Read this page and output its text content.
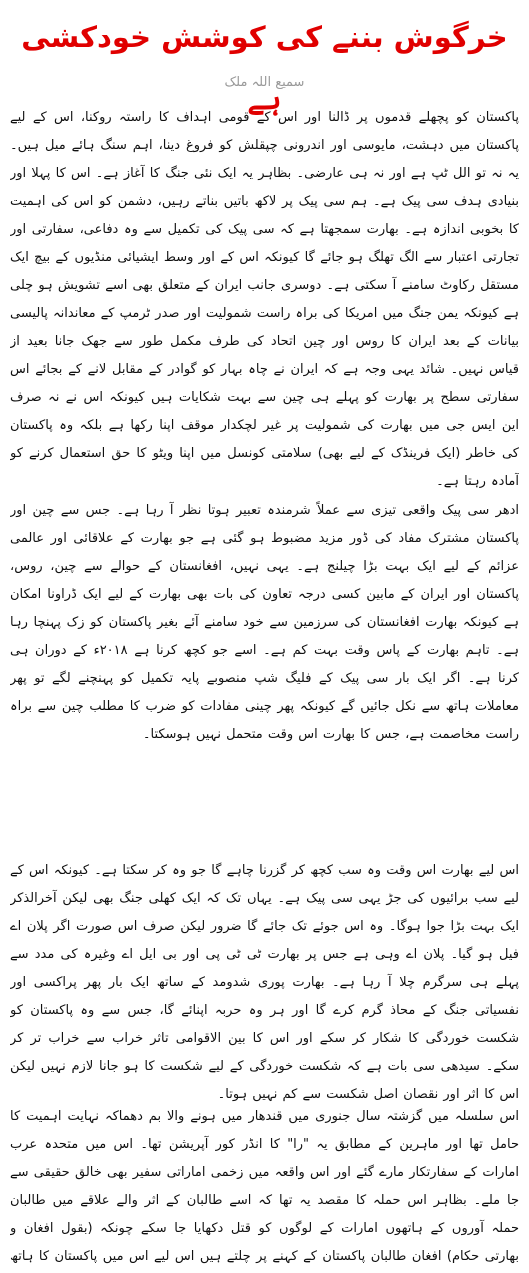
خرگوش بننے کی کوشش خودکشی ہے
سمیع اللہ ملک

پاکستان کو پچھلے قدموں پر ڈالنا اور اس کے قومی اہداف کا راستہ روکنا، اس کے لیے پاکستان میں دہشت، مایوسی اور اندرونی چپقلش کو فروغ دینا، اہم سنگ ہائے میل ہیں۔ یہ نہ تو الل ٹپ ہے اور نہ ہی عارضی۔ بظاہر یہ ایک نئی جنگ کا آغاز ہے۔ اس کا پہلا اور بنیادی ہدف سی پیک ہے۔ ہم سی پیک پر لاکھ باتیں بناتے رہیں، دشمن کو اس کی اہمیت کا بخوبی اندازہ ہے۔ بھارت سمجھتا ہے کہ سی پیک کی تکمیل سے وہ دفاعی، سفارتی اور تجارتی اعتبار سے الگ تھلگ ہو جائے گا کیونکہ اس کے اور وسط ایشیائی منڈیوں کے بیچ ایک مستقل رکاوٹ سامنے آ سکتی ہے۔ دوسری جانب ایران کے متعلق بھی اسے تشویش ہو چلی ہے کیونکہ یمن جنگ میں امریکا کی براہ راست شمولیت اور صدر ٹرمپ کے معاندانہ پالیسی بیانات کے بعد ایران کا روس اور چین اتحاد کی طرف مکمل طور سے جھک جانا بعید از قیاس نہیں۔ شائد یہی وجہ ہے کہ ایران نے چاہ بہار کو گوادر کے مقابل لانے کے بجائے اس

سفارتی سطح پر بھارت کو پہلے ہی چین سے بہت شکایات ہیں کیونکہ اس نے نہ صرف این ایس جی میں بھارت کی شمولیت پر غیر لچکدار موقف اپنا رکھا ہے بلکہ وہ پاکستان کی خاطر (ایک فرینڈک کے لیے بھی) سلامتی کونسل میں اپنا ویٹو کا حق استعمال کرنے کو آمادہ رہتا ہے۔

ادھر سی پیک واقعی تیزی سے عملاً شرمندہ تعبیر ہوتا نظر آ رہا ہے۔ جس سے چین اور پاکستان مشترک مفاد کی ڈور مزید مضبوط ہو گئی ہے جو بھارت کے علاقائی اور عالمی عزائم کے لیے ایک بہت بڑا چیلنج ہے۔ یہی نہیں، افغانستان کے حوالے سے چین، روس، پاکستان اور ایران کے مابین کسی درجہ تعاون کی بات بھی بھارت کے لیے ایک ڈراونا امکان ہے کیونکہ بھارت افغانستان کی سرزمین سے خود سامنے آئے بغیر پاکستان کو زک پہنچا رہا ہے۔ تاہم بھارت کے پاس وقت بہت کم ہے۔ اسے جو کچھ کرنا ہے ۲۰۱۸ء کے دوران ہی کرنا ہے۔ اگر ایک بار سی پیک کے فلیگ شپ منصوبے پایہ تکمیل کو پہنچنے لگے تو پھر معاملات ہاتھ سے نکل جائیں گے کیونکہ پھر چینی مفادات کو ضرب کا مطلب چین سے براہ راست مخاصمت ہے، جس کا بھارت اس وقت متحمل نہیں ہوسکتا۔

اس لیے بھارت اس وقت وہ سب کچھ کر گزرنا چاہے گا جو وہ کر سکتا ہے۔ کیونکہ اس کے لیے سب برائیوں کی جڑ یہی سی پیک ہے۔ یہاں تک کہ ایک کھلی جنگ بھی لیکن آخرالذکر ایک بہت بڑا جوا ہوگا۔ وہ اس جوئے تک جائے گا ضرور لیکن صرف اس صورت اگر پلان اے فیل ہو گیا۔ پلان اے وہی ہے جس پر بھارت ٹی ٹی پی اور بی ایل اے وغیرہ کی مدد سے پہلے ہی سرگرم چلا آ رہا ہے۔ بھارت پوری شدومد کے ساتھ ایک بار پھر پراکسی اور نفسیاتی جنگ کے محاذ گرم کرے گا اور ہر وہ حربہ اپنائے گا، جس سے وہ پاکستان کو شکست خوردگی کا شکار کر سکے اور اس کا بین الاقوامی تاثر خراب سے خراب تر کر سکے۔ سیدھی سی بات ہے کہ شکست خوردگی کے لیے شکست کا ہو جانا لازم نہیں لیکن اس کا اثر اور نقصان اصل شکست سے کم نہیں ہوتا۔

اس سلسلہ میں گزشتہ سال جنوری میں قندھار میں ہونے والا بم دھماکہ نہایت اہمیت کا حامل تھا اور ماہرین کے مطابق یہ "را" کا انڈر کور آپریشن تھا۔ اس میں متحدہ عرب امارات کے سفارتکار مارے گئے اور اس واقعہ میں زخمی اماراتی سفیر بھی خالق حقیقی سے جا ملے۔ بظاہر اس حملہ کا مقصد یہ تھا کہ اسے طالبان کے اثر والے علاقے میں طالبان حملہ آوروں کے ہاتھوں امارات کے لوگوں کو قتل دکھایا جا سکے چونکہ (بقول افغان و بھارتی حکام) افغان طالبان پاکستان کے کہنے پر چلتے ہیں اس لیے اس میں پاکستان کا ہاتھ
